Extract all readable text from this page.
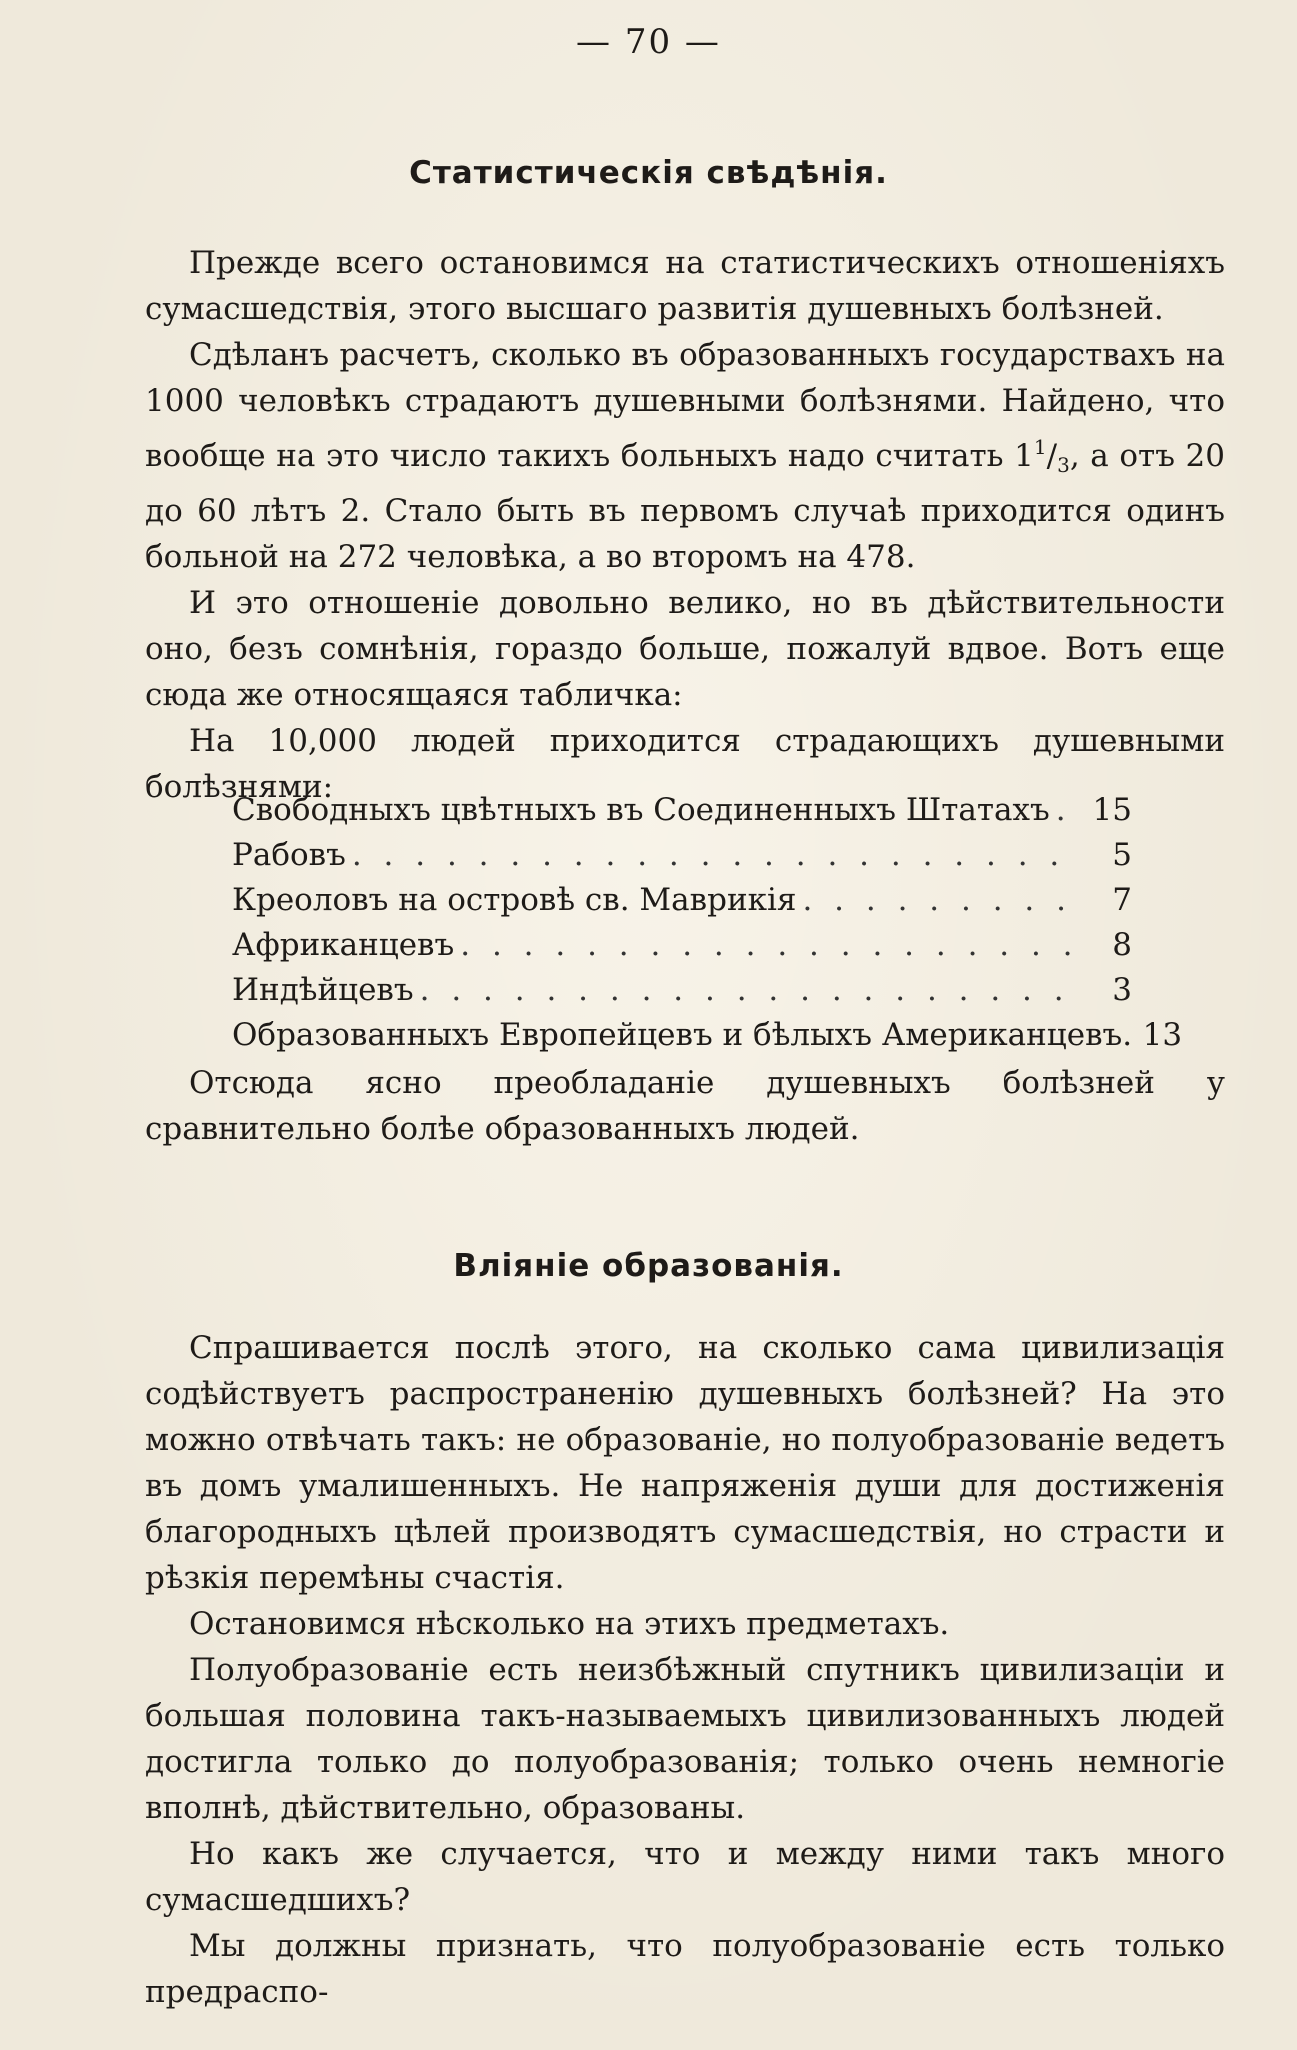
— 70 —
Статистическія свѣдѣнія.

Прежде всего остановимся на статистическихъ отношеніяхъ сумасшедствія, этого высшаго развитія душевныхъ болѣзней.

Сдѣланъ расчетъ, сколько въ образованныхъ государствахъ на 1000 человѣкъ страдаютъ душевными болѣзнями. Найдено, что вообще на это число такихъ больныхъ надо считать $1^1/_3$, а отъ 20 до 60 лѣтъ 2. Стало быть въ первомъ случаѣ приходится одинъ больной на 272 человѣка, а во второмъ на 478.

И это отношеніе довольно велико, но въ дѣйствительности оно, безъ сомнѣнія, гораздо больше, пожалуй вдвое. Вотъ еще сюда же относящаяся табличка:

На 10,000 людей приходится страдающихъ душевными болѣзнями:

Свободныхъ цвѣтныхъ въ Соединенныхъ Штатахъ . . .	15
Рабовъ . . .	5
Креоловъ на островѣ св. Маврикія . . .	7
Африканцевъ . . .	8
Индѣйцевъ . . .	3
Образованныхъ Европейцевъ и бѣлыхъ Американцевъ. 13

Отсюда ясно преобладаніе душевныхъ болѣзней у сравнительно болѣе образованныхъ людей.

Вліяніе образованія.

Спрашивается послѣ этого, на сколько сама цивилизація содѣйствуетъ распространенію душевныхъ болѣзней? На это можно отвѣчать такъ: не образованіе, но полуобразованіе ведетъ въ домъ умалишенныхъ. Не напряженія души для достиженія благородныхъ цѣлей производятъ сумасшедствія, но страсти и рѣзкія перемѣны счастія.

Остановимся нѣсколько на этихъ предметахъ.

Полуобразованіе есть неизбѣжный спутникъ цивилизаціи и большая половина такъ-называемыхъ цивилизованныхъ людей достигла только до полуобразованія; только очень немногіе вполнѣ, дѣйствительно, образованы.

Но какъ же случается, что и между ними такъ много сумасшедшихъ?

Мы должны признать, что полуобразованіе есть только предраспо-
